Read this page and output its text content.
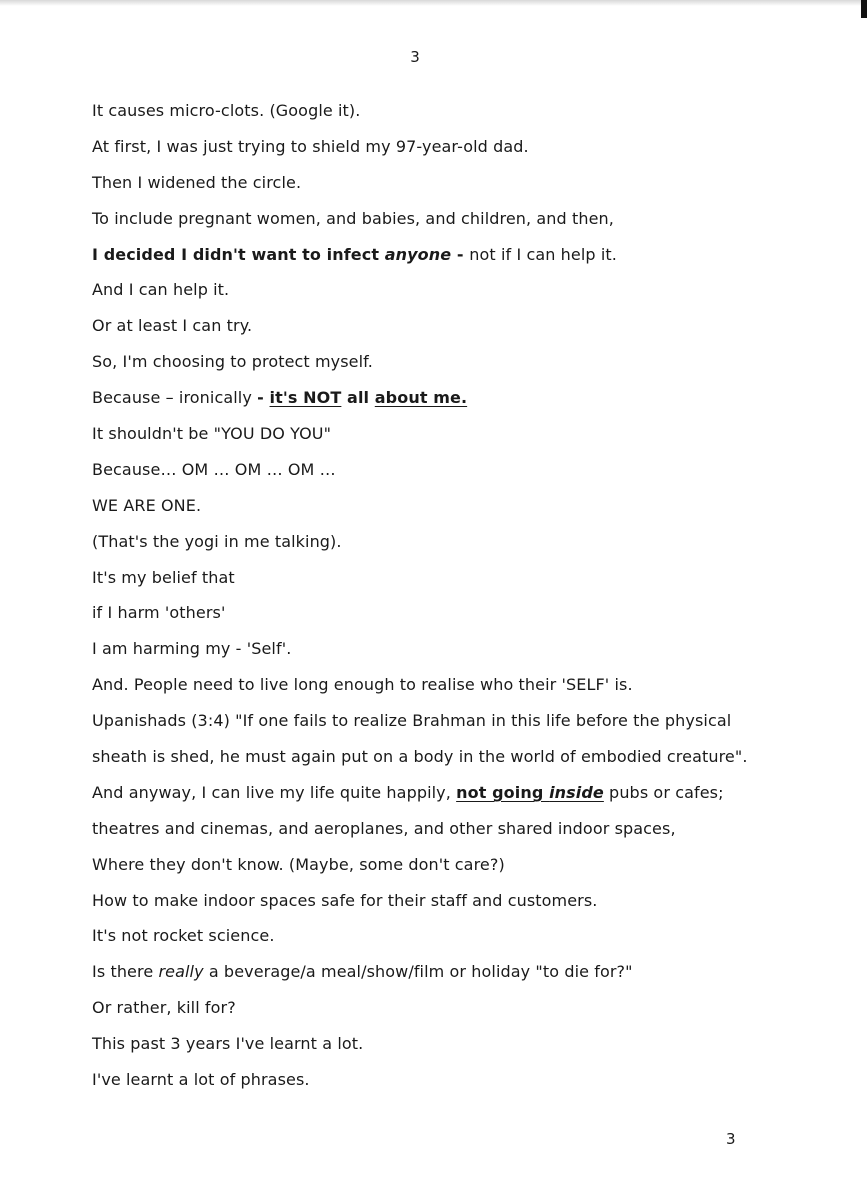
3
It causes micro-clots. (Google it).
At first, I was just trying to shield my 97-year-old dad.
Then I widened the circle.
To include pregnant women, and babies, and children, and then,
I decided I didn't want to infect anyone - not if I can help it.
And I can help it.
Or at least I can try.
So, I'm choosing to protect myself.
Because – ironically - it's NOT all about me.
It shouldn't be "YOU DO YOU"
Because… OM … OM … OM …
WE ARE ONE.
(That's the yogi in me talking).
It's my belief that
if I harm 'others'
I am harming my - 'Self'.
And. People need to live long enough to realise who their 'SELF' is.
Upanishads (3:4) "If one fails to realize Brahman in this life before the physical
sheath is shed, he must again put on a body in the world of embodied creature".
And anyway, I can live my life quite happily, not going inside pubs or cafes;
theatres and cinemas, and aeroplanes, and other shared indoor spaces,
Where they don't know. (Maybe, some don't care?)
How to make indoor spaces safe for their staff and customers.
It's not rocket science.
Is there really a beverage/a meal/show/film or holiday "to die for?"
Or rather, kill for?
This past 3 years I've learnt a lot.
I've learnt a lot of phrases.
3
